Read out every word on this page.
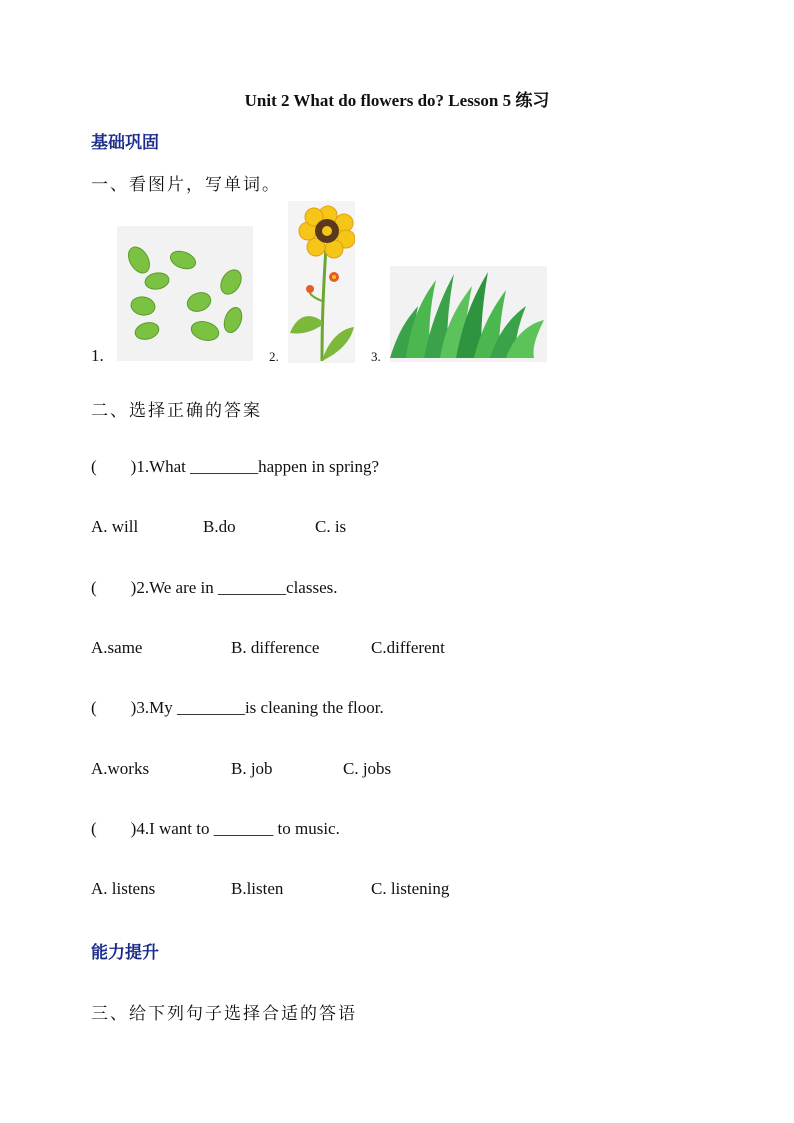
Unit 2 What do flowers do? Lesson 5 练习
基础巩固
一、看图片，写单词。
1.	2.	3.
二、选择正确的答案
(        )1.What ________happen in spring?
A. will	B.do	C. is
(        )2.We are in ________classes.
A.same	B. difference	C.different
(        )3.My ________is cleaning the floor.
A.works	B. job	C. jobs
(        )4.I want to _______ to music.
A. listens	B.listen	C. listening
能力提升
三、给下列句子选择合适的答语
